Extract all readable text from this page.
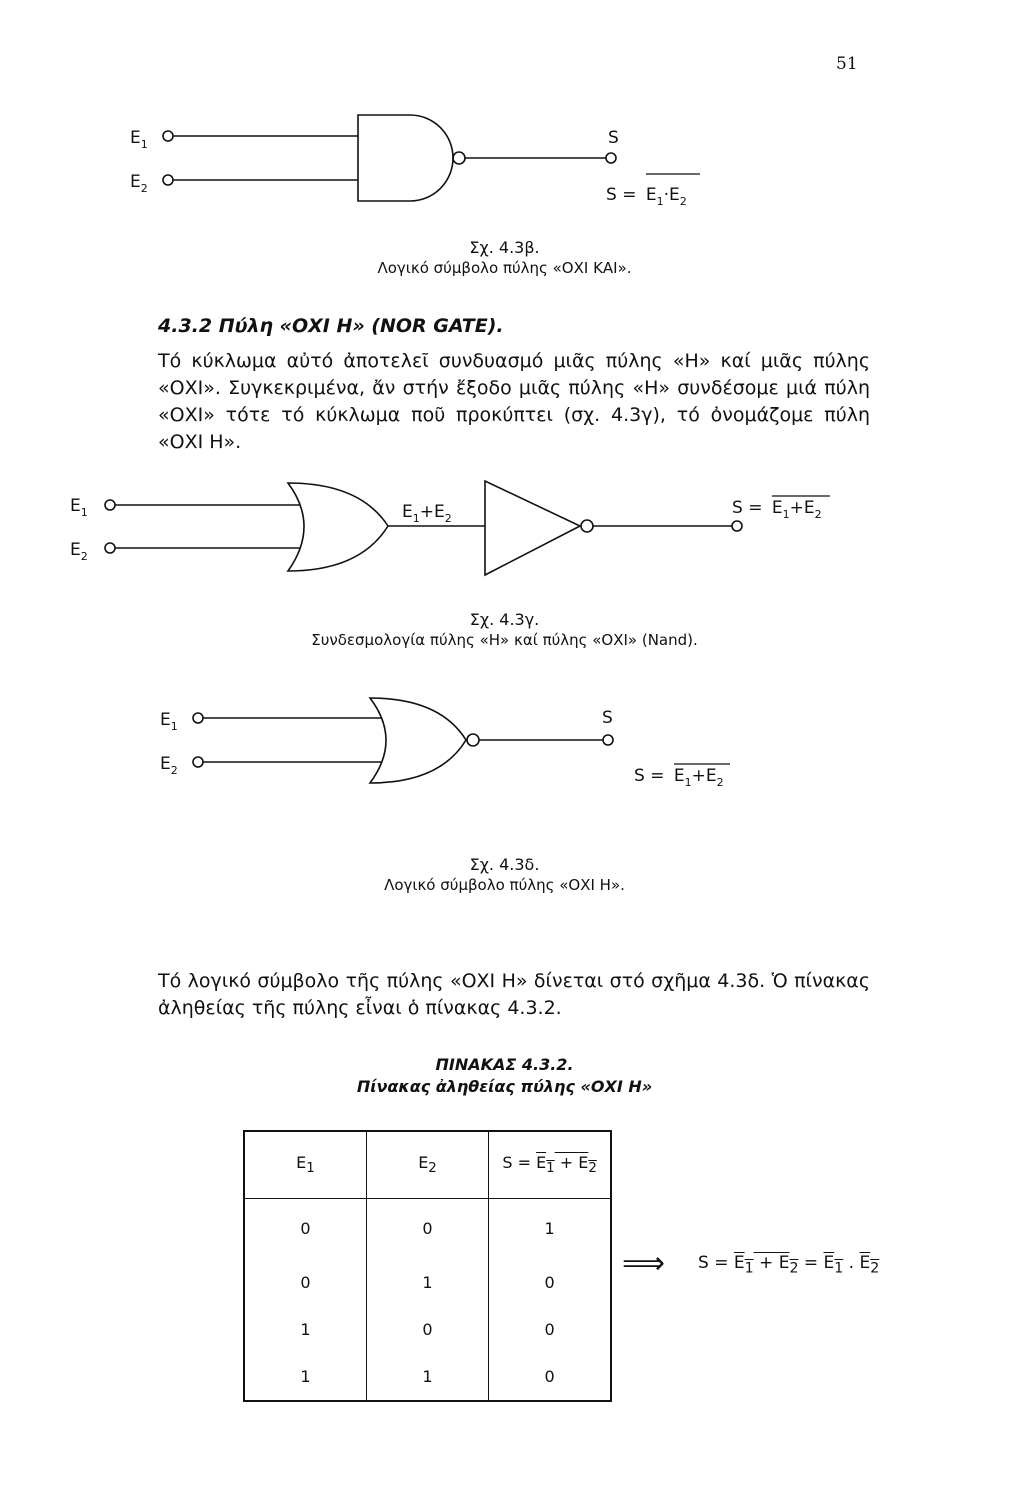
51
$E_1$
$E_2$
S
$S = E_1\cdot E_2$
Σχ. 4.3β.
Λογικό σύμβολο πύλης «ΟΧΙ ΚΑΙ».
4.3.2 Πύλη «ΟΧΙ Η» (NOR GATE).
Τό κύκλωμα αὐτό ἀποτελεῖ συνδυασμό μιᾶς πύλης «Η» καί μιᾶς πύλης «ΟΧΙ». Συγκεκριμένα, ἄν στήν ἔξοδο μιᾶς πύλης «Η» συνδέσομε μιά πύλη «ΟΧΙ» τότε τό κύκλωμα ποῦ προκύπτει (σχ. 4.3γ), τό ὀνομάζομε πύλη «ΟΧΙ Η».
$E_1$
$E_2$
$E_1+E_2$
$S = E_1+E_2$
Σχ. 4.3γ.
Συνδεσμολογία πύλης «Η» καί πύλης «ΟΧΙ» (Nand).
$E_1$
$E_2$
S
$S = E_1+E_2$
Σχ. 4.3δ.
Λογικό σύμβολο πύλης «ΟΧΙ Η».
Τό λογικό σύμβολο τῆς πύλης «ΟΧΙ Η» δίνεται στό σχῆμα 4.3δ. Ὁ πίνακας ἀληθείας τῆς πύλης εἶναι ὁ πίνακας 4.3.2.
ΠΙΝΑΚΑΣ 4.3.2.
Πίνακας ἀληθείας πύλης «ΟΧΙ Η»
$E_1$	$E_2$	$S = E_1 + E_2$
0	0	1
0	1	0
1	0	0
1	1	0
⟹ $S = E_1 + E_2 = E_1$ . $E_2$
